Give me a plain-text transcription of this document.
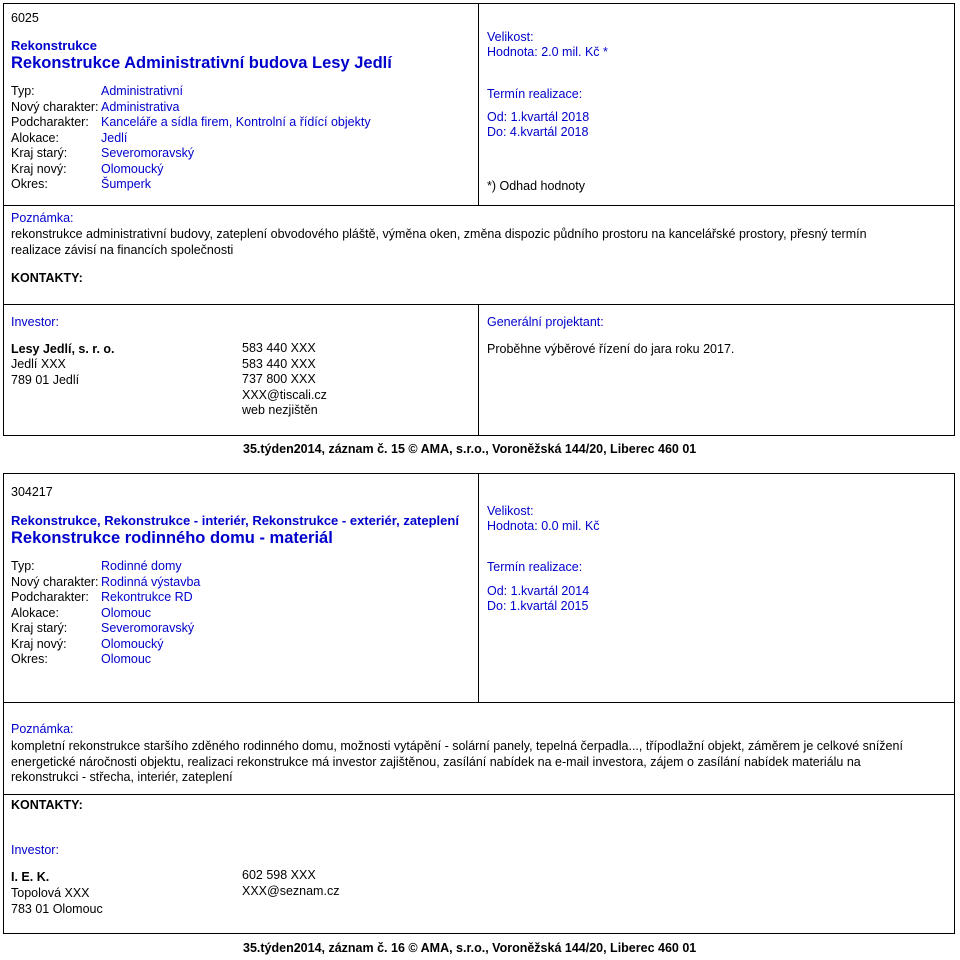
6025
Rekonstrukce
Rekonstrukce Administrativní budova Lesy Jedlí
Typ:	Administrativní
Nový charakter: Administrativa
Podcharakter: Kanceláře a sídla firem, Kontrolní a řídící objekty
Alokace:	Jedlí
Kraj starý:	Severomoravský
Kraj nový:	Olomoucký
Okres:	Šumperk
Velikost:
Hodnota: 2.0 mil. Kč *
Termín realizace:
Od: 1.kvartál 2018
Do: 4.kvartál 2018
*) Odhad hodnoty
Poznámka:
rekonstrukce administrativní budovy, zateplení obvodového pláště, výměna oken, změna dispozic půdního prostoru na kancelářské prostory, přesný termín
realizace závisí na financích společnosti
KONTAKTY:
Investor:
Lesy Jedlí, s. r. o.
Jedlí XXX
789 01 Jedlí
583 440 XXX
583 440 XXX
737 800 XXX
XXX@tiscali.cz
web nezjištěn
Generální projektant:
Proběhne výběrové řízení do jara roku 2017.
35.týden2014, záznam č. 15 © AMA, s.r.o., Voroněžská 144/20, Liberec 460 01
304217
Rekonstrukce, Rekonstrukce - interiér, Rekonstrukce - exteriér, zateplení
Rekonstrukce rodinného domu - materiál
Typ:	Rodinné domy
Nový charakter: Rodinná výstavba
Podcharakter: Rekontrukce RD
Alokace:	Olomouc
Kraj starý:	Severomoravský
Kraj nový:	Olomoucký
Okres:	Olomouc
Velikost:
Hodnota: 0.0 mil. Kč
Termín realizace:
Od: 1.kvartál 2014
Do: 1.kvartál 2015
Poznámka:
kompletní rekonstrukce staršího zděného rodinného domu, možnosti vytápění - solární panely, tepelná čerpadla..., třípodlažní objekt, záměrem je celkové snížení
energetické náročnosti objektu, realizaci rekonstrukce má investor zajištěnou, zasílání nabídek na e-mail investora, zájem o zasílání nabídek materiálu na
rekonstrukci - střecha, interiér, zateplení
KONTAKTY:
Investor:
I. E. K.
Topolová XXX
783 01 Olomouc
602 598 XXX
XXX@seznam.cz
35.týden2014, záznam č. 16 © AMA, s.r.o., Voroněžská 144/20, Liberec 460 01
